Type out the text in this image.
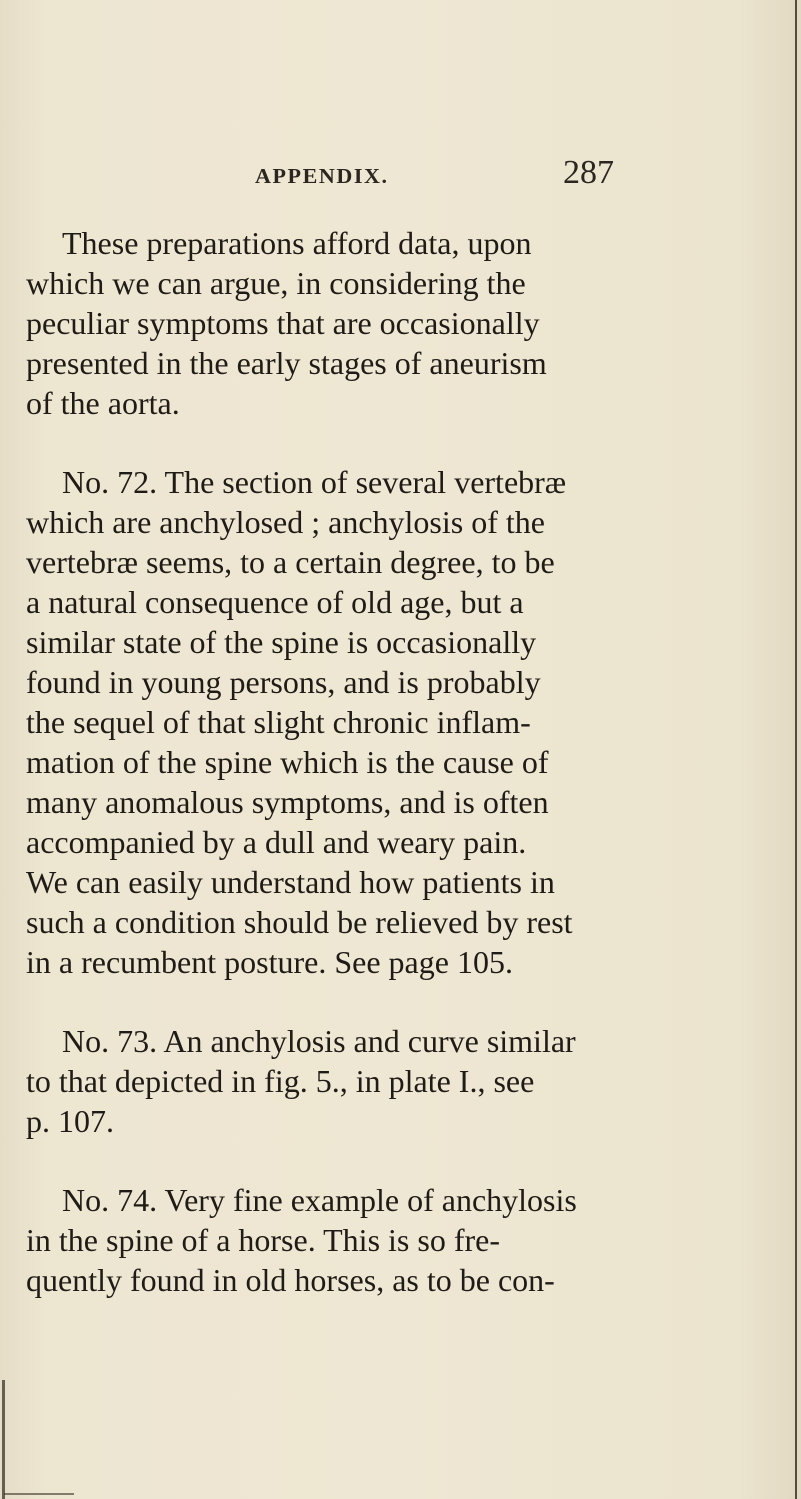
APPENDIX.	287
These preparations afford data, upon
which we can argue, in considering the
peculiar symptoms that are occasionally
presented in the early stages of aneurism
of the aorta.
No. 72. The section of several vertebræ
which are anchylosed ; anchylosis of the
vertebræ seems, to a certain degree, to be
a natural consequence of old age, but a
similar state of the spine is occasionally
found in young persons, and is probably
the sequel of that slight chronic inflam-
mation of the spine which is the cause of
many anomalous symptoms, and is often
accompanied by a dull and weary pain.
We can easily understand how patients in
such a condition should be relieved by rest
in a recumbent posture. See page 105.
No. 73. An anchylosis and curve similar
to that depicted in fig. 5., in plate I., see
p. 107.
No. 74. Very fine example of anchylosis
in the spine of a horse. This is so fre-
quently found in old horses, as to be con-
